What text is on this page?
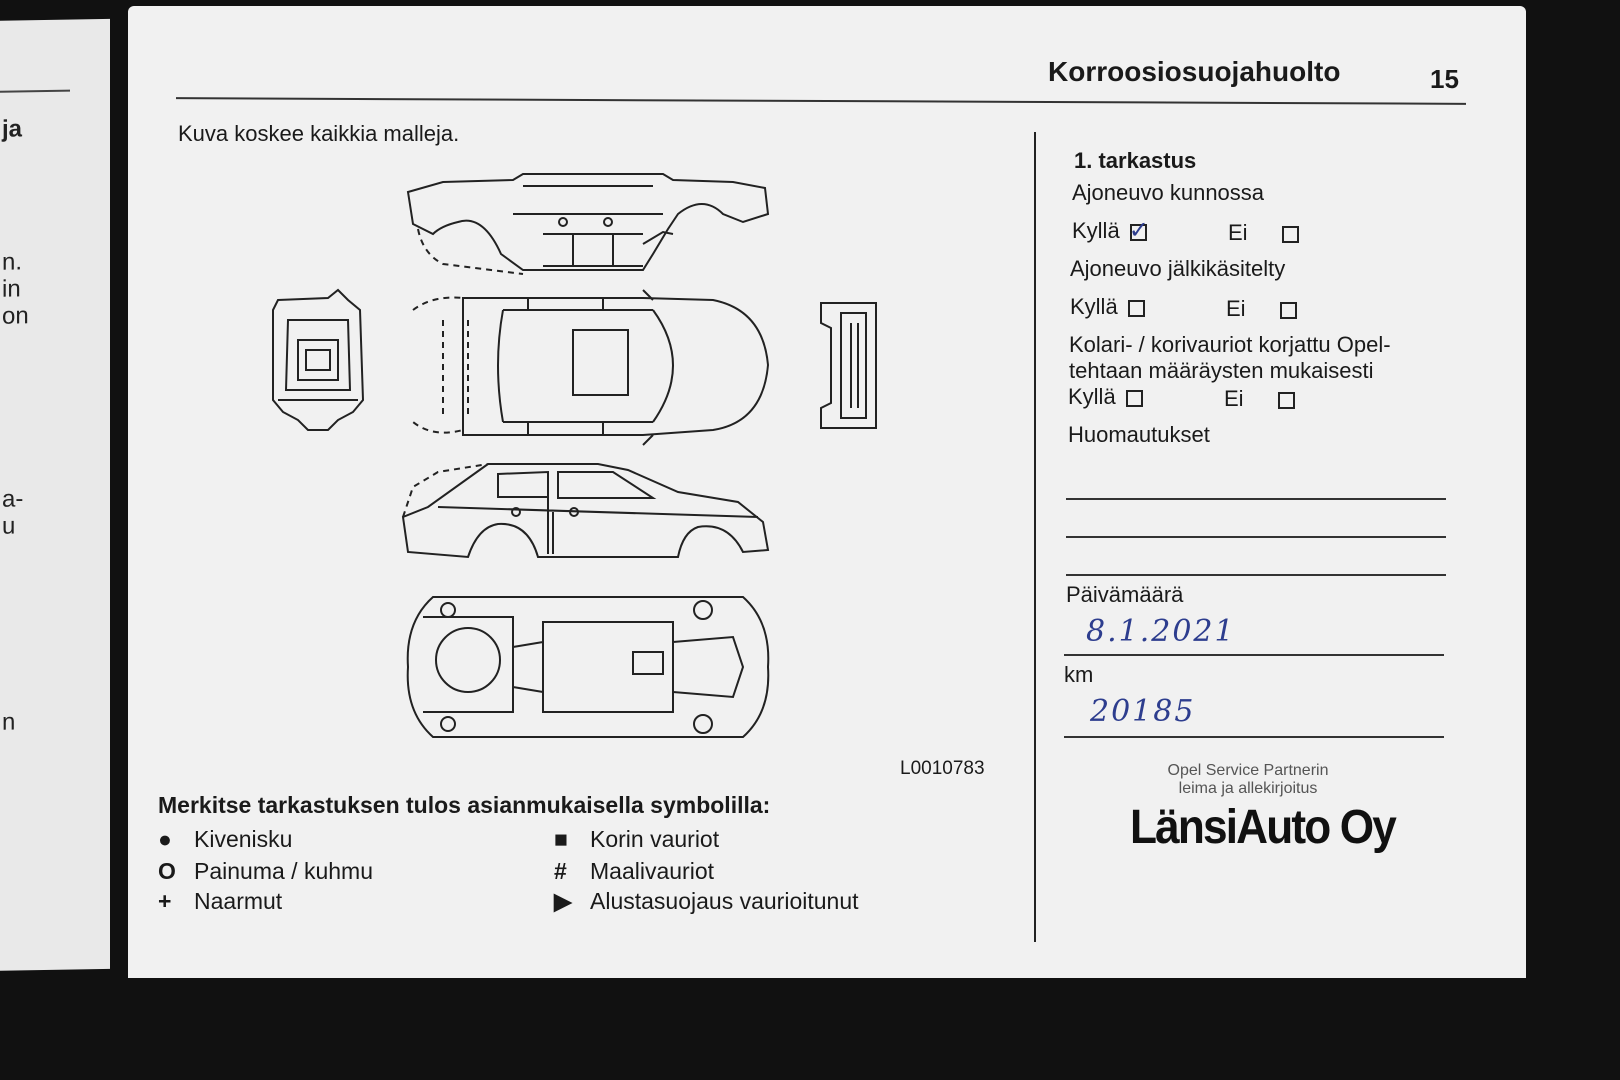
ja
n.
in
on
a-
u
n
Korroosiosuojahuolto	15
Kuva koskee kaikkia malleja.
L0010783
Merkitse tarkastuksen tulos asianmukaisella symbolilla:
● Kivenisku
O Painuma / kuhmu
+ Naarmut
■ Korin vauriot
# Maalivauriot
▶ Alustasuojaus vaurioitunut
1. tarkastus
Ajoneuvo kunnossa
Kyllä ✓	Ei
Ajoneuvo jälkikäsitelty
Kyllä	Ei
Kolari- / korivauriot korjattu Opel-
tehtaan määräysten mukaisesti
Kyllä	Ei
Huomautukset
Päivämäärä
8.1.2021
km
20185
Opel Service Partnerin
leima ja allekirjoitus
LänsiAuto Oy
